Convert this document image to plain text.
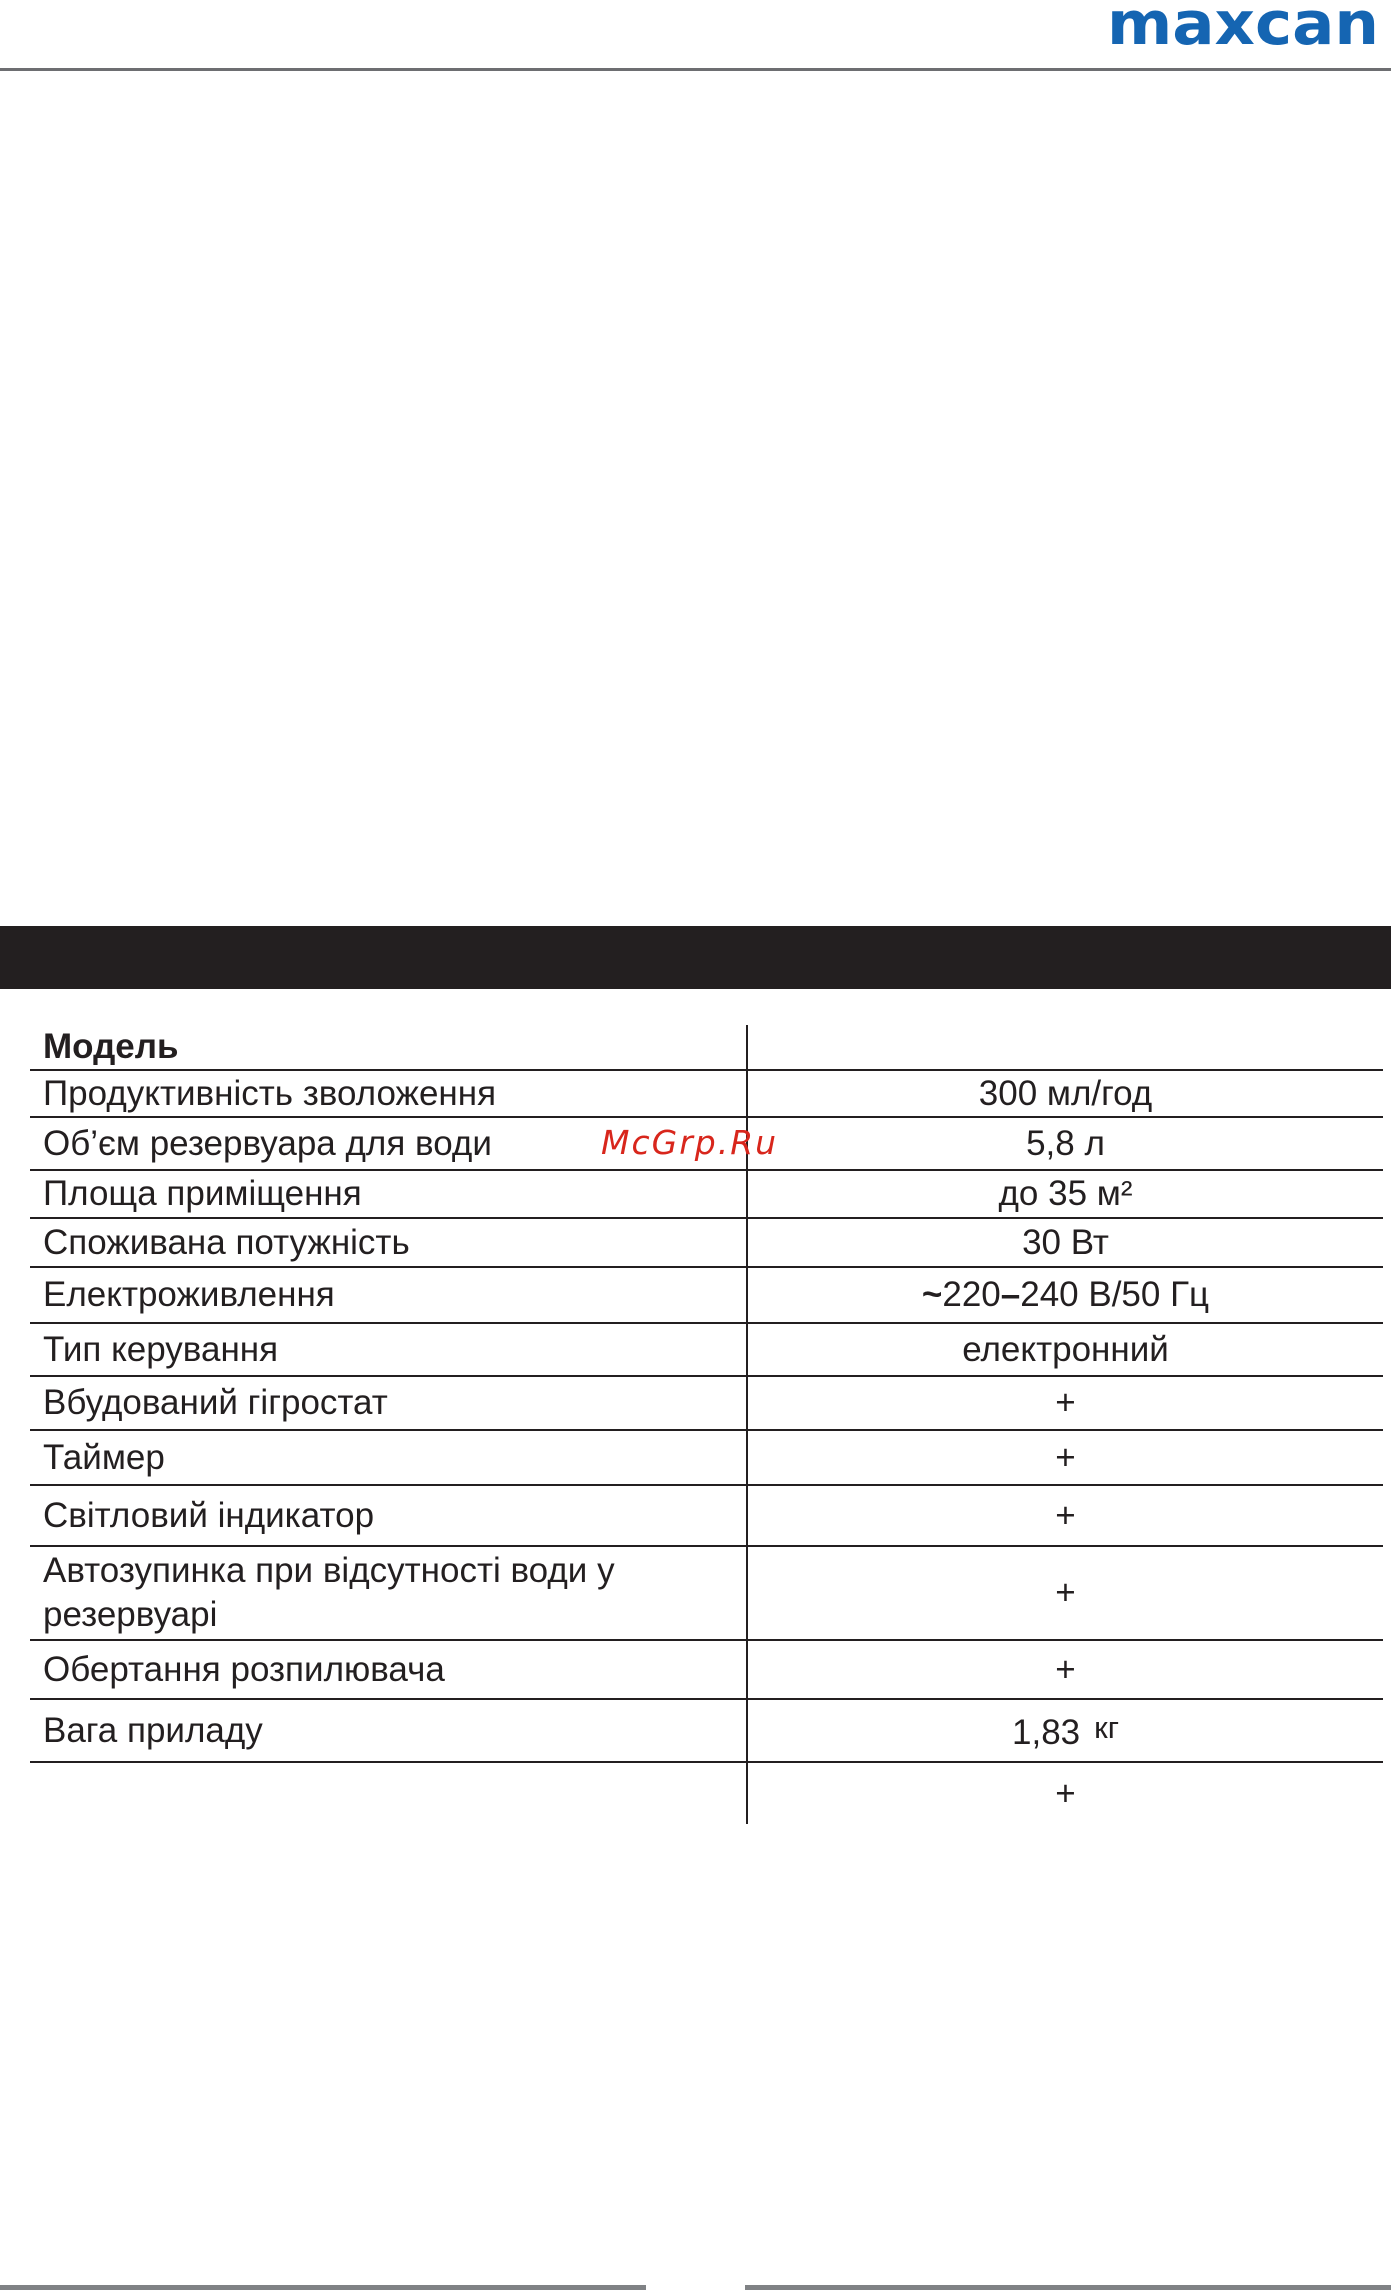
maxcan
Модель	
Продуктивність зволоження	300 мл/год
Об’єм резервуара для води	5,8 л
Площа приміщення	до 35 м²
Споживана потужність	30 Вт
Електроживлення	~220–240 В/50 Гц
Тип керування	електронний
Вбудований гігростат	+
Таймер	+
Світловий індикатор	+
Автозупинка при відсутності води у резервуарі	+
Обертання розпилювача	+
Вага приладу	1,83 кг
	+
McGrp.Ru
